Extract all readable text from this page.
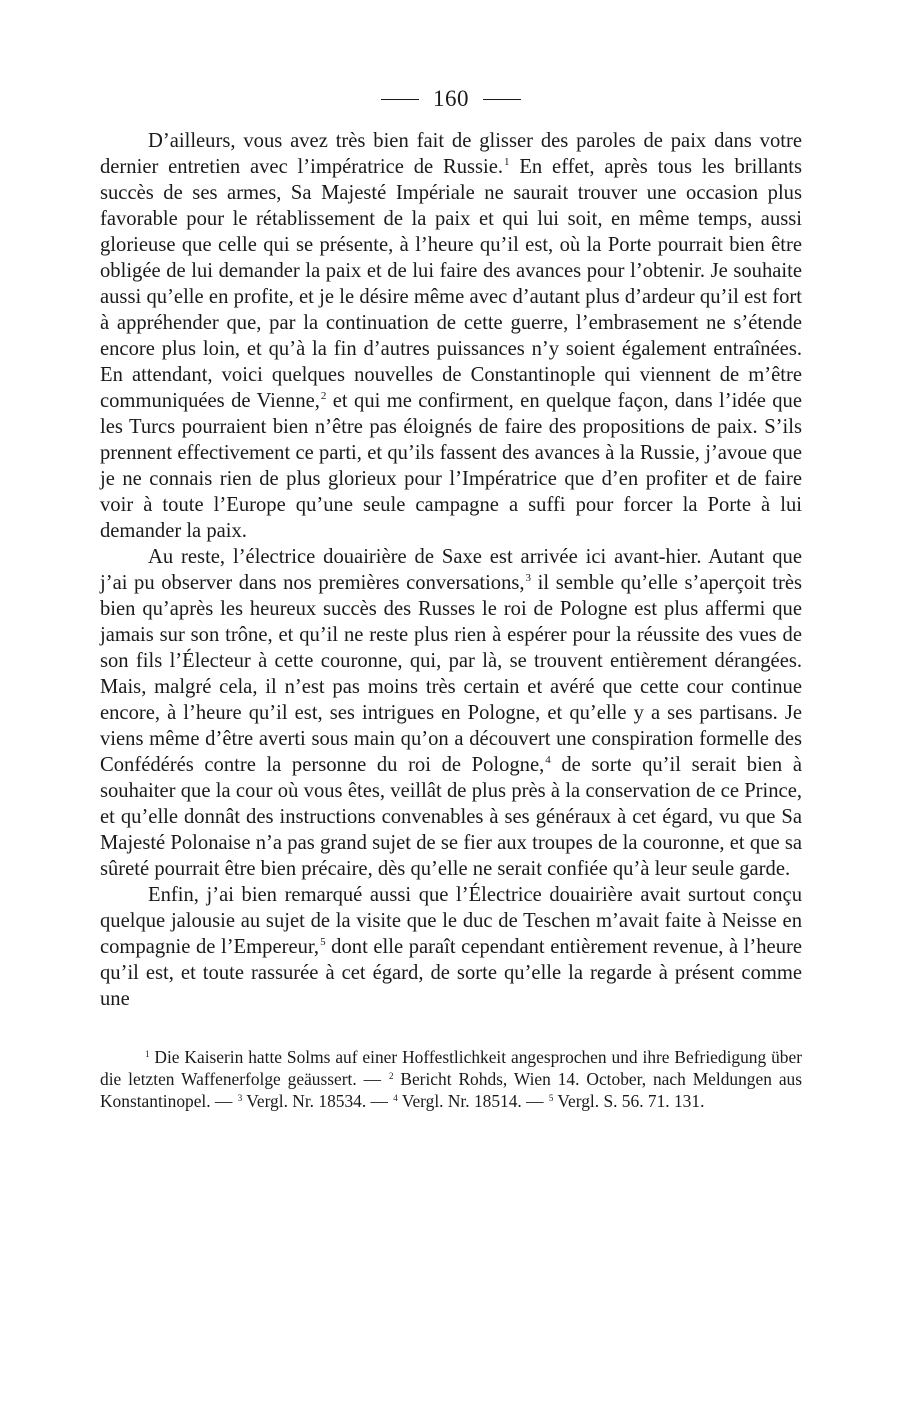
160

D’ailleurs, vous avez très bien fait de glisser des paroles de paix dans votre dernier entretien avec l’impératrice de Russie.$^1$ En effet, après tous les brillants succès de ses armes, Sa Majesté Impériale ne saurait trouver une occasion plus favorable pour le rétablissement de la paix et qui lui soit, en même temps, aussi glorieuse que celle qui se présente, à l’heure qu’il est, où la Porte pourrait bien être obligée de lui demander la paix et de lui faire des avances pour l’obtenir. Je souhaite aussi qu’elle en profite, et je le désire même avec d’autant plus d’ardeur qu’il est fort à appréhender que, par la continuation de cette guerre, l’embrasement ne s’étende encore plus loin, et qu’à la fin d’autres puissances n’y soient également entraînées. En attendant, voici quelques nouvelles de Constantinople qui viennent de m’être communiquées de Vienne,$^2$ et qui me confirment, en quelque façon, dans l’idée que les Turcs pourraient bien n’être pas éloignés de faire des propositions de paix. S’ils prennent effectivement ce parti, et qu’ils fassent des avances à la Russie, j’avoue que je ne connais rien de plus glorieux pour l’Impératrice que d’en profiter et de faire voir à toute l’Europe qu’une seule campagne a suffi pour forcer la Porte à lui demander la paix.

Au reste, l’électrice douairière de Saxe est arrivée ici avant-hier. Autant que j’ai pu observer dans nos premières conversations,$^3$ il semble qu’elle s’aperçoit très bien qu’après les heureux succès des Russes le roi de Pologne est plus affermi que jamais sur son trône, et qu’il ne reste plus rien à espérer pour la réussite des vues de son fils l’Électeur à cette couronne, qui, par là, se trouvent entièrement dérangées. Mais, malgré cela, il n’est pas moins très certain et avéré que cette cour continue encore, à l’heure qu’il est, ses intrigues en Pologne, et qu’elle y a ses partisans. Je viens même d’être averti sous main qu’on a découvert une conspiration formelle des Confédérés contre la personne du roi de Pologne,$^4$ de sorte qu’il serait bien à souhaiter que la cour où vous êtes, veillât de plus près à la conservation de ce Prince, et qu’elle donnât des instructions convenables à ses généraux à cet égard, vu que Sa Majesté Polonaise n’a pas grand sujet de se fier aux troupes de la couronne, et que sa sûreté pourrait être bien précaire, dès qu’elle ne serait confiée qu’à leur seule garde.

Enfin, j’ai bien remarqué aussi que l’Électrice douairière avait surtout conçu quelque jalousie au sujet de la visite que le duc de Teschen m’avait faite à Neisse en compagnie de l’Empereur,$^5$ dont elle paraît cependant entièrement revenue, à l’heure qu’il est, et toute rassurée à cet égard, de sorte qu’elle la regarde à présent comme une

$^1$ Die Kaiserin hatte Solms auf einer Hoffestlichkeit angesprochen und ihre Befriedigung über die letzten Waffenerfolge geäussert. — $^2$ Bericht Rohds, Wien 14. October, nach Meldungen aus Konstantinopel. — $^3$ Vergl. Nr. 18534. — $^4$ Vergl. Nr. 18514. — $^5$ Vergl. S. 56. 71. 131.
